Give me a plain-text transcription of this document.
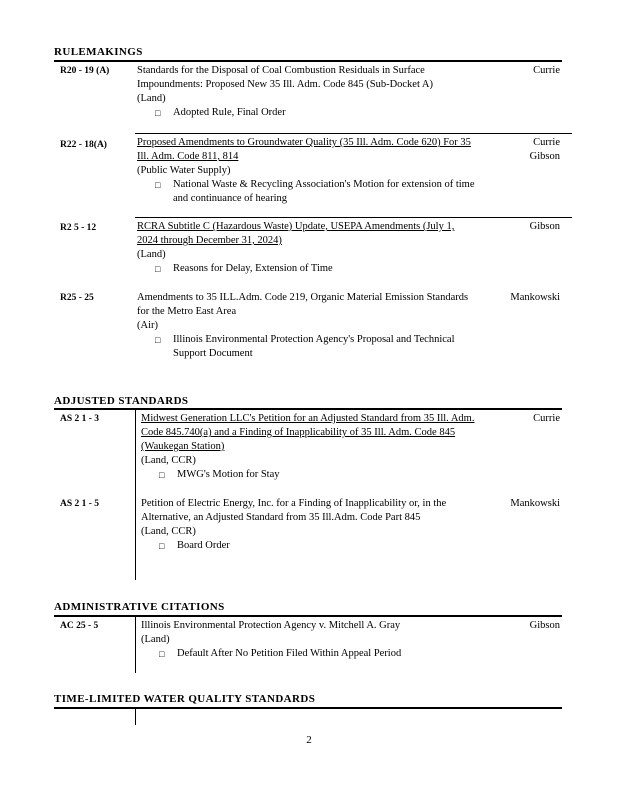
RULEMAKINGS
R20 - 19 (A)	Standards for the Disposal of Coal Combustion Residuals in Surface Impoundments: Proposed New 35 Ill. Adm. Code 845 (Sub-Docket A)

(Land)

□	Adopted Rule, Final Order
Currie
R22 - 18(A)	Proposed Amendments to Groundwater Quality (35 Ill. Adm. Code 620) For 35 Ill. Adm. Code 811, 814

(Public Water Supply)

□	National Waste & Recycling Association's Motion for extension of time and continuance of hearing
Currie
Gibson
R2 5 - 12	RCRA Subtitle C (Hazardous Waste) Update, USEPA Amendments (July 1, 2024 through December 31, 2024)

(Land)

□	Reasons for Delay, Extension of Time
Gibson
R25 - 25	Amendments to 35 ILL.Adm. Code 219, Organic Material Emission Standards for the Metro East Area

(Air)

□	Illinois Environmental Protection Agency's Proposal and Technical Support Document
Mankowski
ADJUSTED STANDARDS
AS 2 1 - 3	Midwest Generation LLC's Petition for an Adjusted Standard from 35 Ill. Adm. Code 845.740(a) and a Finding of Inapplicability of 35 Ill. Adm. Code 845 (Waukegan Station)

(Land, CCR)

□	MWG's Motion for Stay
Currie
AS 2 1 - 5	Petition of Electric Energy, Inc. for a Finding of Inapplicability or, in the Alternative, an Adjusted Standard from 35 Ill.Adm. Code Part 845

(Land, CCR)

□	Board Order
Mankowski
ADMINISTRATIVE CITATIONS
AC 25 - 5	Illinois Environmental Protection Agency v. Mitchell A. Gray

(Land)

□	Default After No Petition Filed Within Appeal Period
Gibson
TIME-LIMITED WATER QUALITY STANDARDS
2
